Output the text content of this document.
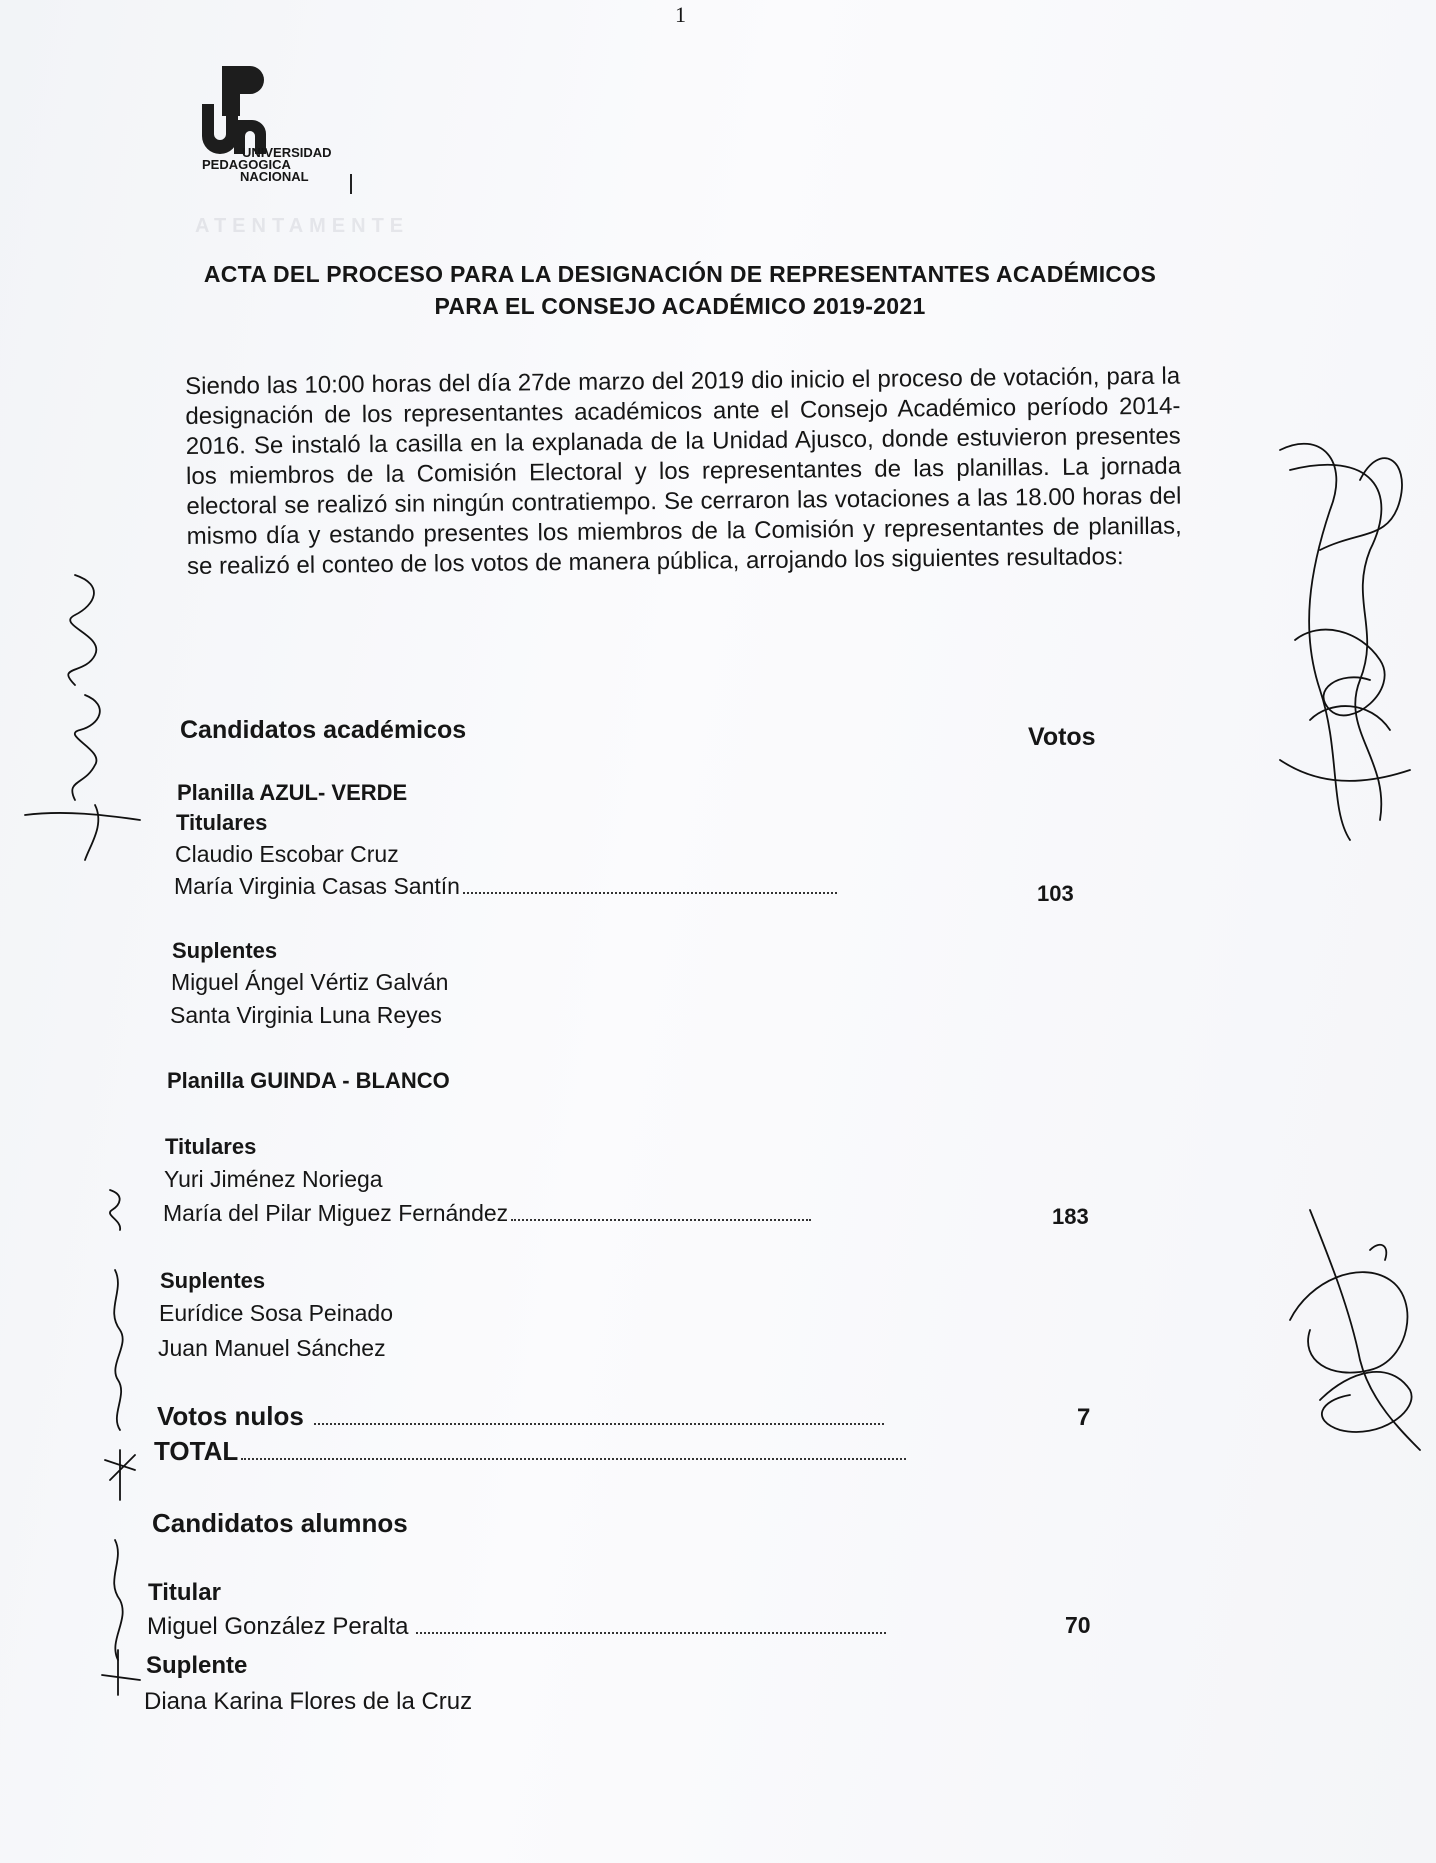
1
UNIVERSIDAD
PEDAGOGICA
NACIONAL
ATENTAMENTE
ACTA DEL PROCESO PARA LA DESIGNACIÓN DE REPRESENTANTES ACADÉMICOS
PARA EL CONSEJO ACADÉMICO 2019-2021
Siendo las 10:00 horas del día 27de marzo del 2019 dio inicio el proceso de votación, para la designación de los representantes académicos ante el Consejo Académico período 2014-2016. Se instaló la casilla en la explanada de la Unidad Ajusco, donde estuvieron presentes los miembros de la Comisión Electoral y los representantes de las planillas. La jornada electoral se realizó sin ningún contratiempo. Se cerraron las votaciones a las 18.00 horas del mismo día y estando presentes los miembros de la Comisión y representantes de planillas, se realizó el conteo de los votos de manera pública, arrojando los siguientes resultados:
Candidatos académicos	Votos
Planilla AZUL- VERDE
Titulares
Claudio Escobar Cruz
María Virginia Casas Santín	103
Suplentes
Miguel Ángel Vértiz Galván
Santa Virginia Luna Reyes
Planilla GUINDA - BLANCO
Titulares
Yuri Jiménez Noriega
María del Pilar Miguez Fernández	183
Suplentes
Eurídice Sosa Peinado
Juan Manuel Sánchez
Votos nulos	7
TOTAL
Candidatos alumnos
Titular
Miguel González Peralta	70
Suplente
Diana Karina Flores de la Cruz
